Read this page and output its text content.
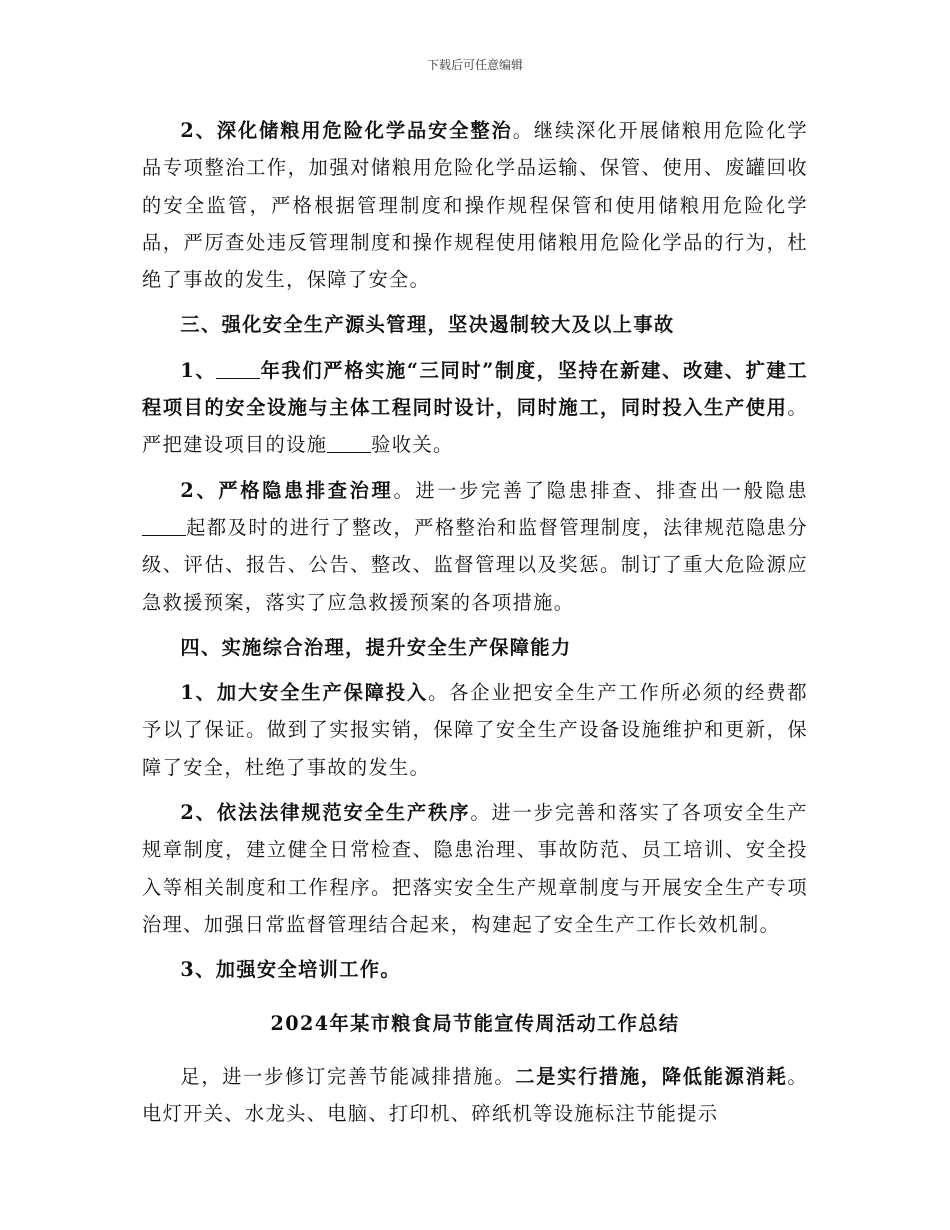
下载后可任意编辑

2、深化储粮用危险化学品安全整治。继续深化开展储粮用危险化学品专项整治工作，加强对储粮用危险化学品运输、保管、使用、废罐回收的安全监管，严格根据管理制度和操作规程保管和使用储粮用危险化学品，严厉查处违反管理制度和操作规程使用储粮用危险化学品的行为，杜绝了事故的发生，保障了安全。

三、强化安全生产源头管理，坚决遏制较大及以上事故

1、 年我们严格实施“三同时”制度，坚持在新建、改建、扩建工程项目的安全设施与主体工程同时设计，同时施工，同时投入生产使用。严把建设项目的设施 验收关。

2、严格隐患排查治理。进一步完善了隐患排查、排查出一般隐患起都及时的进行了整改，严格整治和监督管理制度，法律规范隐患分级、评估、报告、公告、整改、监督管理以及奖惩。制订了重大危险源应急救援预案，落实了应急救援预案的各项措施。

四、实施综合治理，提升安全生产保障能力

1、加大安全生产保障投入。各企业把安全生产工作所必须的经费都予以了保证。做到了实报实销，保障了安全生产设备设施维护和更新，保障了安全，杜绝了事故的发生。

2、依法法律规范安全生产秩序。进一步完善和落实了各项安全生产规章制度，建立健全日常检查、隐患治理、事故防范、员工培训、安全投入等相关制度和工作程序。把落实安全生产规章制度与开展安全生产专项治理、加强日常监督管理结合起来，构建起了安全生产工作长效机制。

3、加强安全培训工作。

2024年某市粮食局节能宣传周活动工作总结

足，进一步修订完善节能减排措施。二是实行措施，降低能源消耗。电灯开关、水龙头、电脑、打印机、碎纸机等设施标注节能提示
